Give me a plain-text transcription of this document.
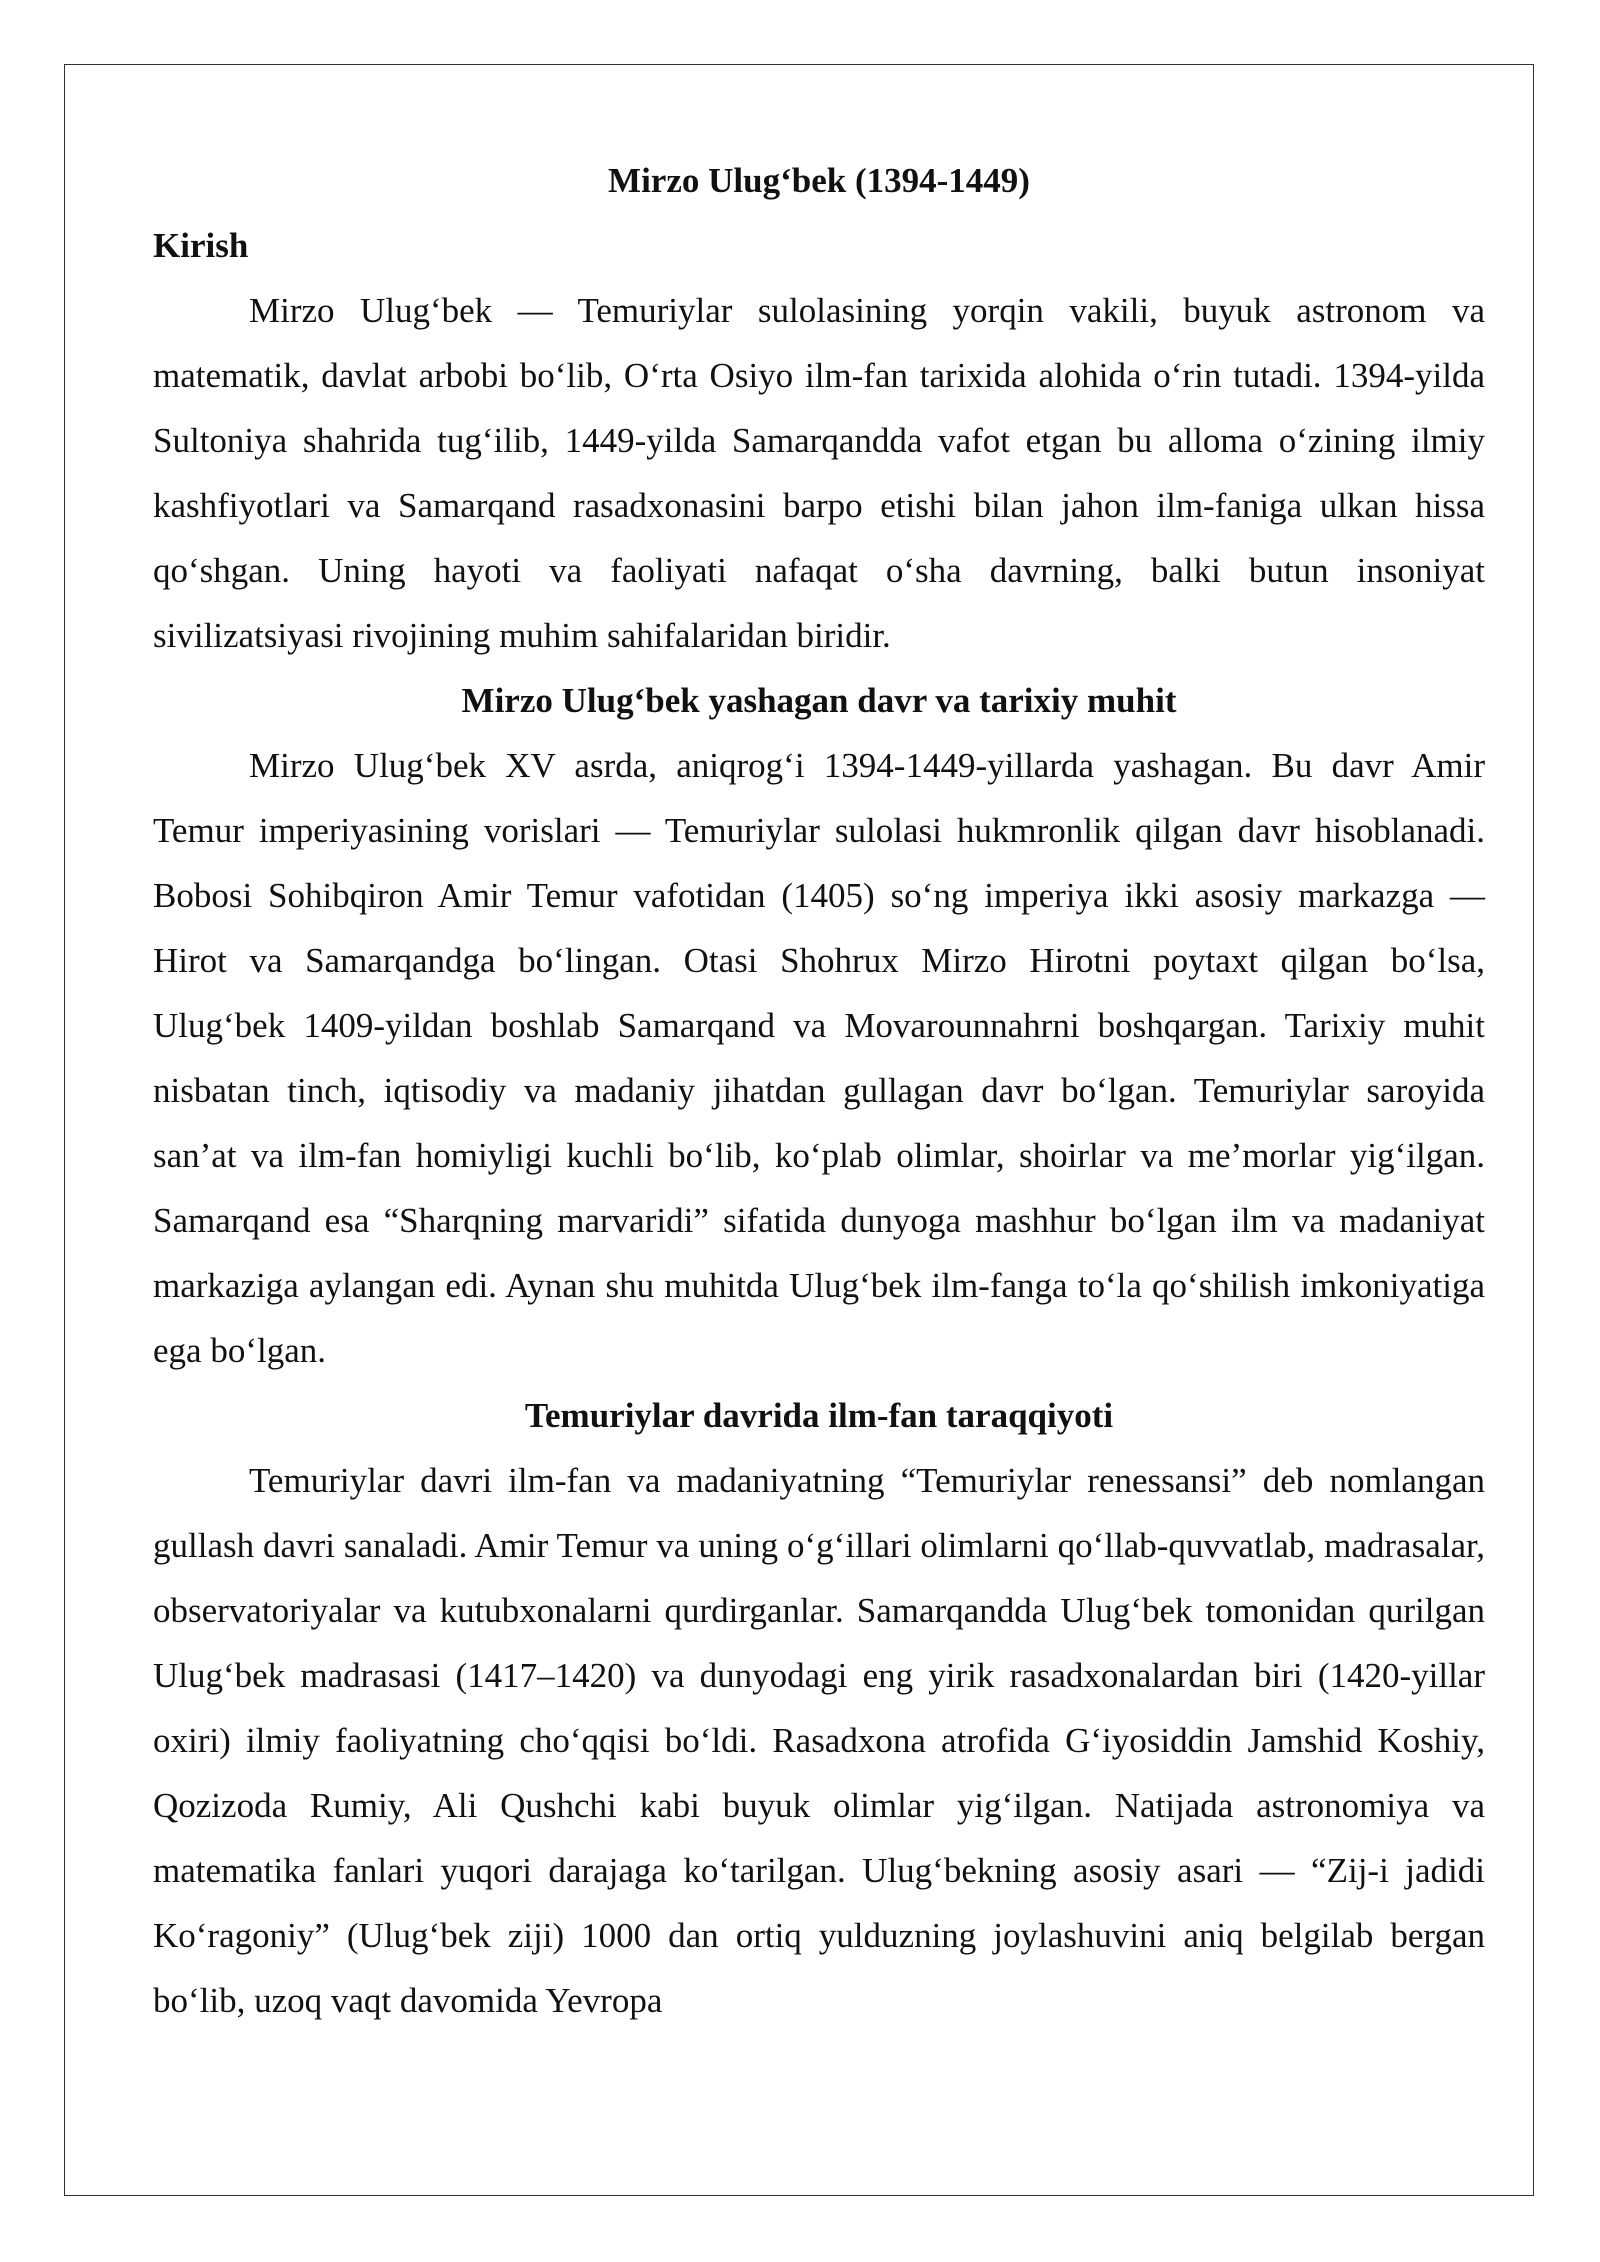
Mirzo Ulug‘bek (1394-1449)

Kirish

Mirzo Ulug‘bek — Temuriylar sulolasining yorqin vakili, buyuk astronom va matematik, davlat arbobi bo‘lib, O‘rta Osiyo ilm-fan tarixida alohida o‘rin tutadi. 1394-yilda Sultoniya shahrida tug‘ilib, 1449-yilda Samarqandda vafot etgan bu alloma o‘zining ilmiy kashfiyotlari va Samarqand rasadxonasini barpo etishi bilan jahon ilm-faniga ulkan hissa qo‘shgan. Uning hayoti va faoliyati nafaqat o‘sha davrning, balki butun insoniyat sivilizatsiyasi rivojining muhim sahifalaridan biridir.

Mirzo Ulug‘bek yashagan davr va tarixiy muhit

Mirzo Ulug‘bek XV asrda, aniqrog‘i 1394-1449-yillarda yashagan. Bu davr Amir Temur imperiyasining vorislari — Temuriylar sulolasi hukmronlik qilgan davr hisoblanadi. Bobosi Sohibqiron Amir Temur vafotidan (1405) so‘ng imperiya ikki asosiy markazga — Hirot va Samarqandga bo‘lingan. Otasi Shohrux Mirzo Hirotni poytaxt qilgan bo‘lsa, Ulug‘bek 1409-yildan boshlab Samarqand va Movarounnahrni boshqargan. Tarixiy muhit nisbatan tinch, iqtisodiy va madaniy jihatdan gullagan davr bo‘lgan. Temuriylar saroyida san’at va ilm-fan homiyligi kuchli bo‘lib, ko‘plab olimlar, shoirlar va me’morlar yig‘ilgan. Samarqand esa “Sharqning marvaridi” sifatida dunyoga mashhur bo‘lgan ilm va madaniyat markaziga aylangan edi. Aynan shu muhitda Ulug‘bek ilm-fanga to‘la qo‘shilish imkoniyatiga ega bo‘lgan.

Temuriylar davrida ilm-fan taraqqiyoti

Temuriylar davri ilm-fan va madaniyatning “Temuriylar renessansi” deb nomlangan gullash davri sanaladi. Amir Temur va uning o‘g‘illari olimlarni qo‘llab-quvvatlab, madrasalar, observatoriyalar va kutubxonalarni qurdirganlar. Samarqandda Ulug‘bek tomonidan qurilgan Ulug‘bek madrasasi (1417–1420) va dunyodagi eng yirik rasadxonalardan biri (1420-yillar oxiri) ilmiy faoliyatning cho‘qqisi bo‘ldi. Rasadxona atrofida G‘iyosiddin Jamshid Koshiy, Qozizoda Rumiy, Ali Qushchi kabi buyuk olimlar yig‘ilgan. Natijada astronomiya va matematika fanlari yuqori darajaga ko‘tarilgan. Ulug‘bekning asosiy asari — “Zij-i jadidi Ko‘ragoniy” (Ulug‘bek ziji) 1000 dan ortiq yulduzning joylashuvini aniq belgilab bergan bo‘lib, uzoq vaqt davomida Yevropa
